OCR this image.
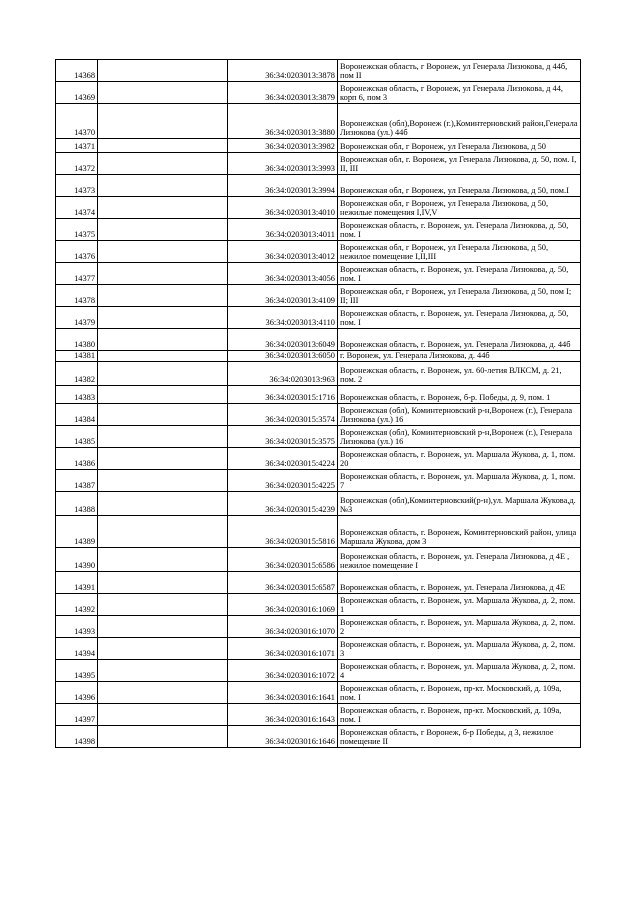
14368		36:34:0203013:3878	Воронежская область, г Воронеж, ул Генерала Лизюкова, д 44б, пом II
14369		36:34:0203013:3879	Воронежская область, г Воронеж, ул Генерала Лизюкова, д 44, корп 6, пом 3
14370		36:34:0203013:3880	Воронежская (обл),Воронеж (г.),Коминтерновский район,Генерала Лизюкова (ул.) 44б
14371		36:34:0203013:3982	Воронежская обл, г Воронеж, ул Генерала Лизюкова, д 50
14372		36:34:0203013:3993	Воронежская обл, г. Воронеж, ул Генерала Лизюкова, д. 50, пом. I, II, III
14373		36:34:0203013:3994	Воронежская обл, г Воронеж, ул Генерала Лизюкова, д 50, пом.I
14374		36:34:0203013:4010	Воронежская обл, г Воронеж, ул Генерала Лизюкова, д 50, нежилые помещения I,IV,V
14375		36:34:0203013:4011	Воронежская область, г. Воронеж, ул. Генерала Лизюкова, д. 50, пом. I
14376		36:34:0203013:4012	Воронежская обл, г Воронеж, ул Генерала Лизюкова, д 50, нежилое помещение I,II,III
14377		36:34:0203013:4056	Воронежская область, г. Воронеж, ул. Генерала Лизюкова, д. 50, пом. I
14378		36:34:0203013:4109	Воронежская обл, г Воронеж, ул Генерала Лизюкова, д 50, пом I; II; III
14379		36:34:0203013:4110	Воронежская область, г. Воронеж, ул. Генерала Лизюкова, д. 50, пом. I
14380		36:34:0203013:6049	Воронежская область, г. Воронеж, ул. Генерала Лизюкова, д. 44б
14381		36:34:0203013:6050	г. Воронеж, ул. Генерала Лизюкова, д. 44б
14382		36:34:0203013:963	Воронежская область, г. Воронеж, ул. 60-летия ВЛКСМ, д. 21, пом. 2
14383		36:34:0203015:1716	Воронежская область, г. Воронеж, б-р. Победы, д. 9, пом. 1
14384		36:34:0203015:3574	Воронежская (обл), Коминтерновский р-н,Воронеж (г.), Генерала Лизюкова (ул.) 16
14385		36:34:0203015:3575	Воронежская (обл), Коминтерновский р-н,Воронеж (г.), Генерала Лизюкова (ул.) 16
14386		36:34:0203015:4224	Воронежская область, г. Воронеж, ул. Маршала Жукова, д. 1, пом. 20
14387		36:34:0203015:4225	Воронежская область, г. Воронеж, ул. Маршала Жукова, д. 1, пом. 7
14388		36:34:0203015:4239	Воронежская (обл),Коминтерновский(р-н),ул. Маршала Жукова,д.№3
14389		36:34:0203015:5816	Воронежская область, г. Воронеж, Коминтерновский район, улица Маршала Жукова, дом 3
14390		36:34:0203015:6586	Воронежская область, г. Воронеж, ул. Генерала Лизюкова, д 4Е , нежилое помещение I
14391		36:34:0203015:6587	Воронежская область, г. Воронеж, ул. Генерала Лизюкова, д 4Е
14392		36:34:0203016:1069	Воронежская область, г. Воронеж, ул. Маршала Жукова, д. 2, пом. 1
14393		36:34:0203016:1070	Воронежская область, г. Воронеж, ул. Маршала Жукова, д. 2, пом. 2
14394		36:34:0203016:1071	Воронежская область, г. Воронеж, ул. Маршала Жукова, д. 2, пом. 3
14395		36:34:0203016:1072	Воронежская область, г. Воронеж, ул. Маршала Жукова, д. 2, пом. 4
14396		36:34:0203016:1641	Воронежская область, г. Воронеж, пр-кт. Московский, д. 109а, пом. I
14397		36:34:0203016:1643	Воронежская область, г. Воронеж, пр-кт. Московский, д. 109а, пом. I
14398		36:34:0203016:1646	Воронежская область, г Воронеж, б-р Победы, д 3, нежилое помещение II
